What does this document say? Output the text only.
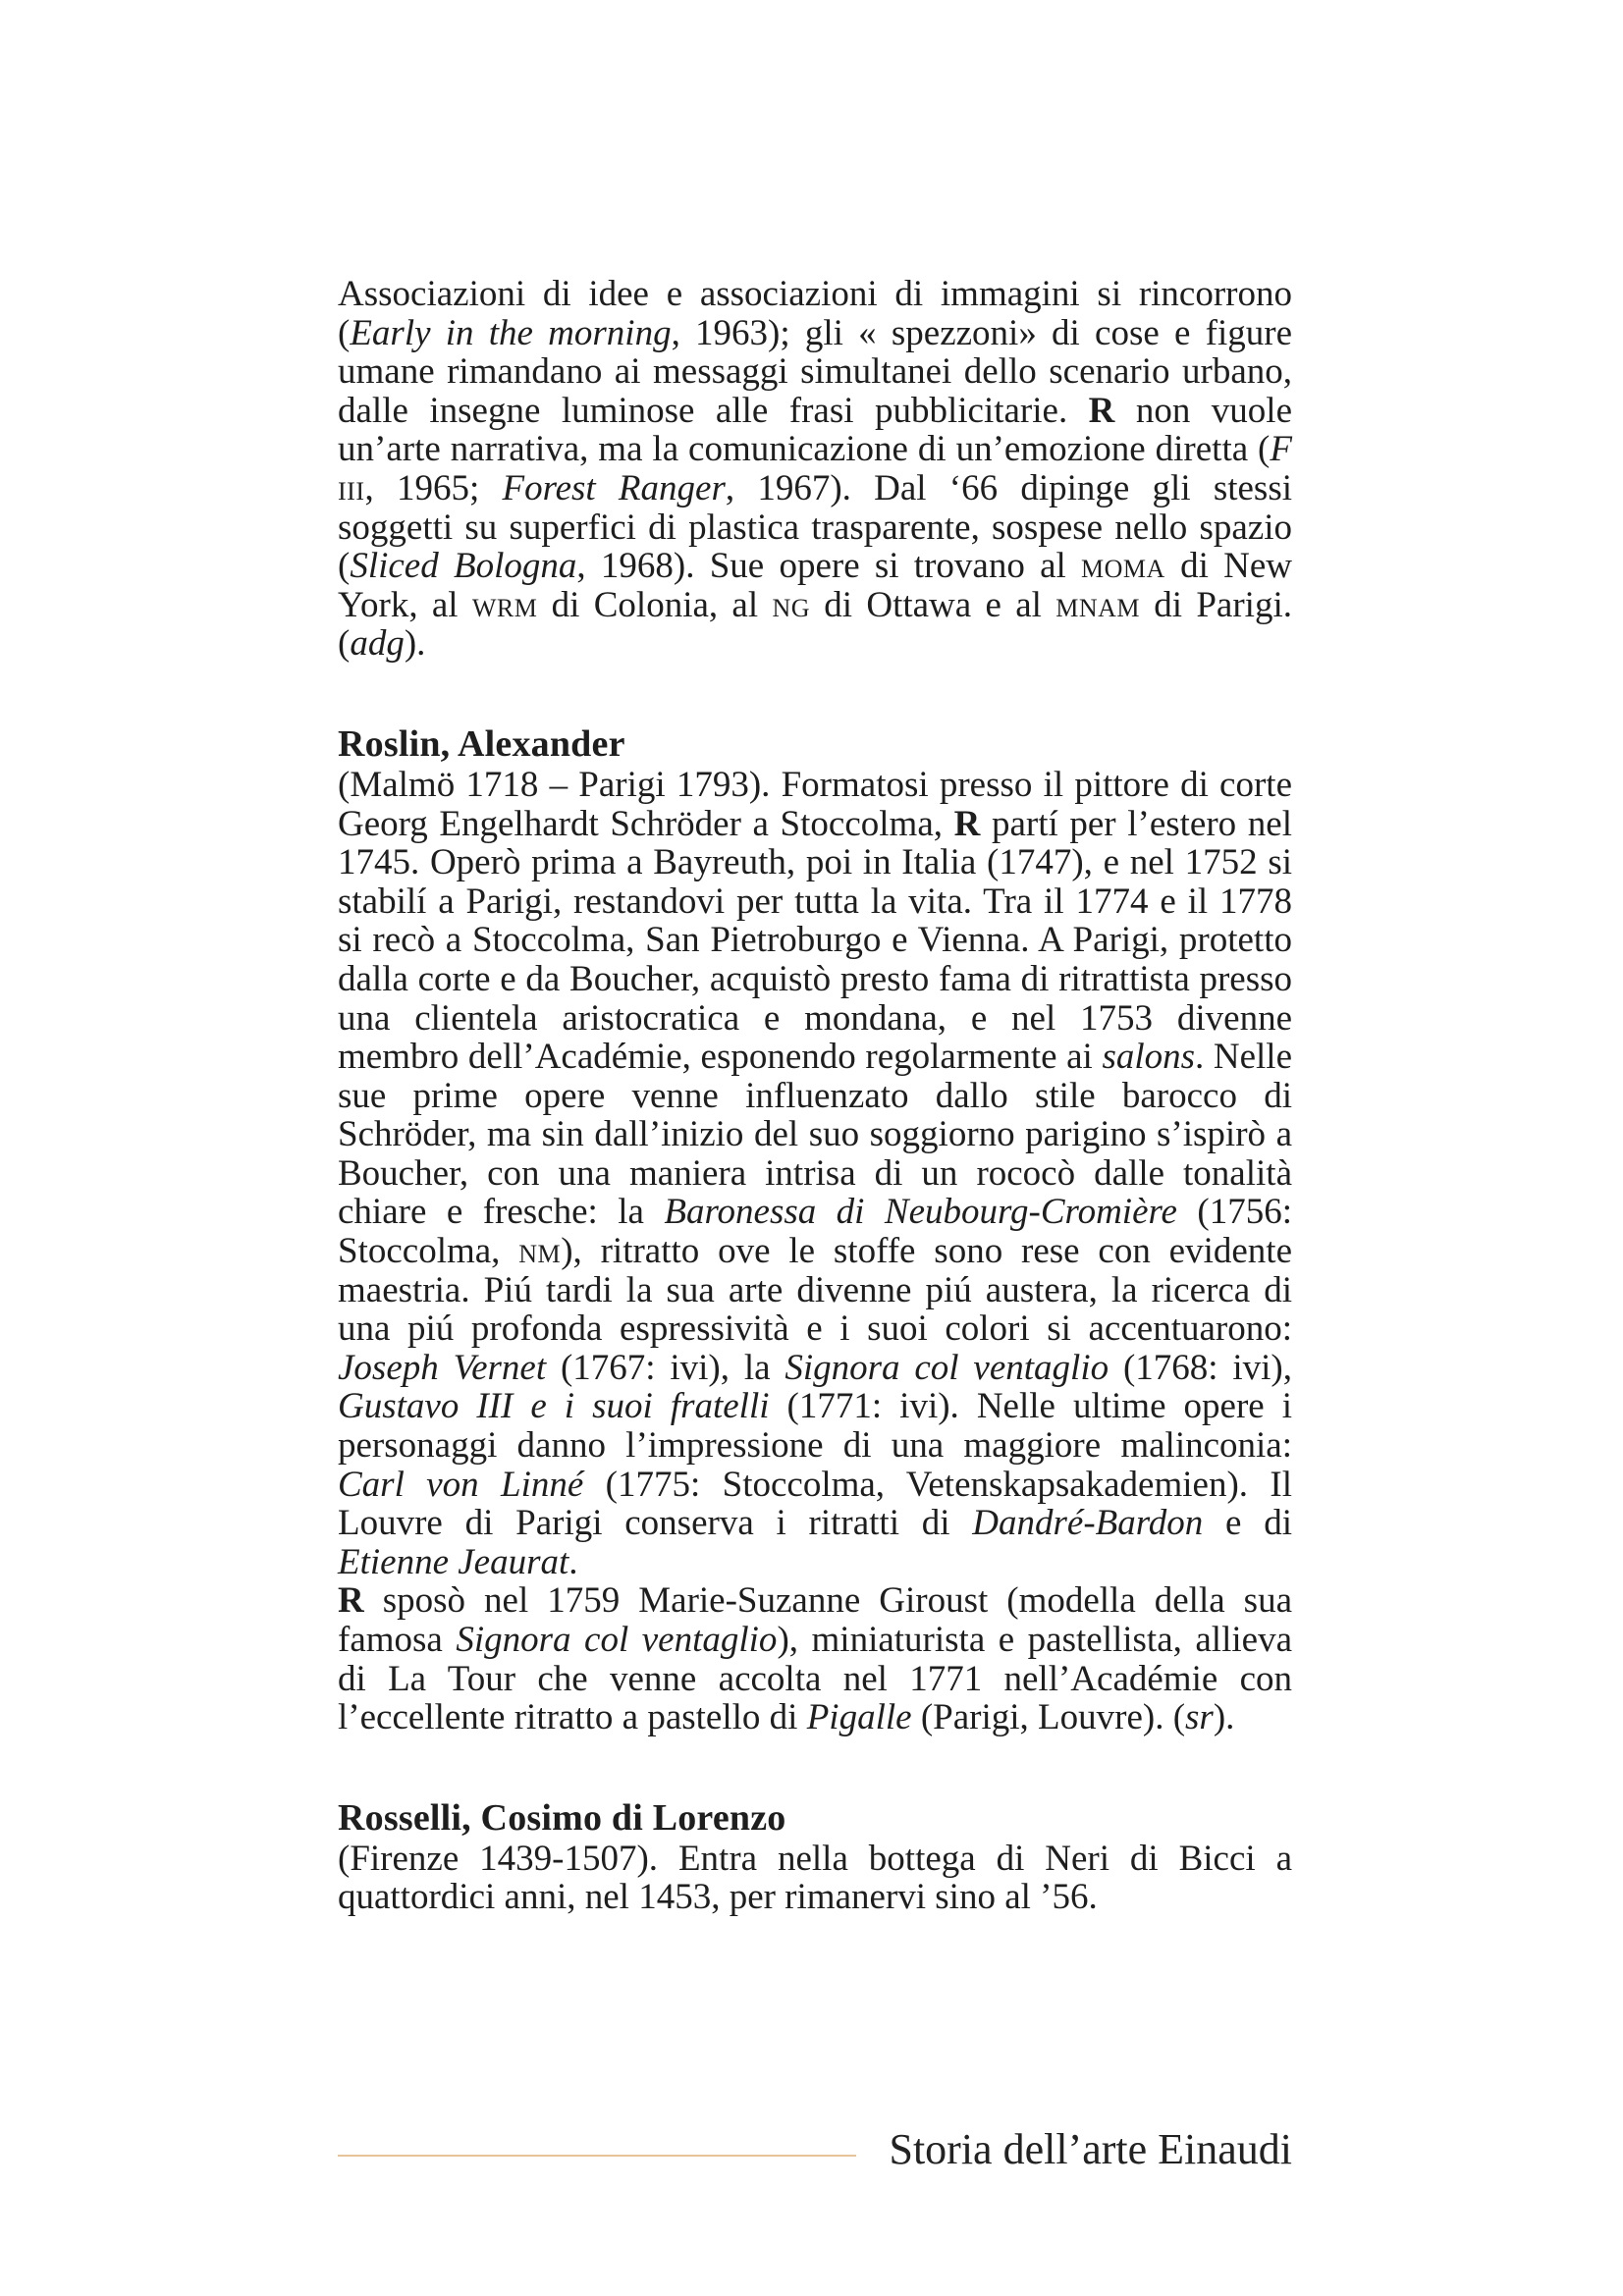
Associazioni di idee e associazioni di immagini si rincorrono (Early in the morning, 1963); gli « spezzoni» di cose e figure umane rimandano ai messaggi simultanei dello scenario urbano, dalle insegne luminose alle frasi pubblicitarie. R non vuole un’arte narrativa, ma la comunicazione di un’emozione diretta (F iii, 1965; Forest Ranger, 1967). Dal ‘66 dipinge gli stessi soggetti su superfici di plastica trasparente, sospese nello spazio (Sliced Bologna, 1968). Sue opere si trovano al moma di New York, al wrm di Colonia, al ng di Ottawa e al mnam di Parigi. (adg).

Roslin, Alexander

(Malmö 1718 – Parigi 1793). Formatosi presso il pittore di corte Georg Engelhardt Schröder a Stoccolma, R partí per l’estero nel 1745. Operò prima a Bayreuth, poi in Italia (1747), e nel 1752 si stabilí a Parigi, restandovi per tutta la vita. Tra il 1774 e il 1778 si recò a Stoccolma, San Pietroburgo e Vienna. A Parigi, protetto dalla corte e da Boucher, acquistò presto fama di ritrattista presso una clientela aristocratica e mondana, e nel 1753 divenne membro dell’Académie, esponendo regolarmente ai salons. Nelle sue prime opere venne influenzato dallo stile barocco di Schröder, ma sin dall’inizio del suo soggiorno parigino s’ispirò a Boucher, con una maniera intrisa di un rococò dalle tonalità chiare e fresche: la Baronessa di Neubourg-Cromière (1756: Stoccolma, nm), ritratto ove le stoffe sono rese con evidente maestria. Piú tardi la sua arte divenne piú austera, la ricerca di una piú profonda espressività e i suoi colori si accentuarono: Joseph Vernet (1767: ivi), la Signora col ventaglio (1768: ivi), Gustavo III e i suoi fratelli (1771: ivi). Nelle ultime opere i personaggi danno l’impressione di una maggiore malinconia: Carl von Linné (1775: Stoccolma, Vetenskapsakademien). Il Louvre di Parigi conserva i ritratti di Dandré-Bardon e di Etienne Jeaurat.

R sposò nel 1759 Marie-Suzanne Giroust (modella della sua famosa Signora col ventaglio), miniaturista e pastellista, allieva di La Tour che venne accolta nel 1771 nell’Académie con l’eccellente ritratto a pastello di Pigalle (Parigi, Louvre). (sr).

Rosselli, Cosimo di Lorenzo

(Firenze 1439-1507). Entra nella bottega di Neri di Bicci a quattordici anni, nel 1453, per rimanervi sino al ’56.

Storia dell’arte Einaudi
